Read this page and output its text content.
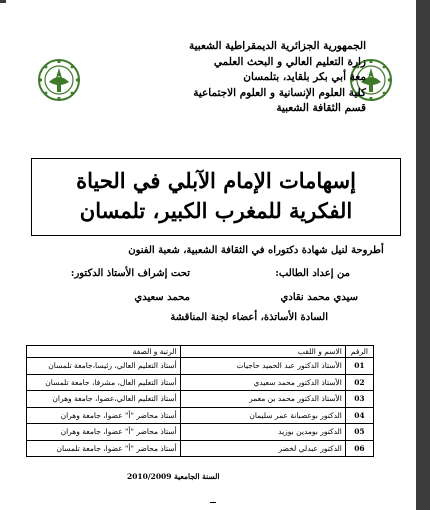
الجمهورية الجزائرية الديمقراطية الشعبية
زارة التعليم العالي و البحث العلمي
معة أبي بكر بلقايد، بتلمسان
كلية العلوم الإنسانية و العلوم الاجتماعية
قسم الثقافة الشعبية
إسهامات الإمام الآبلي في الحياة
الفكرية للمغرب الكبير، تلمسان
أطروحة لنيل شهادة دكتوراه في الثقافة الشعبية، شعبة الفنون
من إعداد الطالب:
تحت إشراف الأستاذ الدكتور:
سيدي محمد نقادي
محمد سعيدي
السادة الأساتذة، أعضاء لجنة المناقشة
الرقم	الاسم و اللقب	الرتبة و الصفة
01	الأستاذ الدكتور عبد الحميد حاجيات	أستاذ التعليم العالي، رئيسا،جامعة تلمسان
02	الأستاذ الدكتور محمد سعيدي	أستاذ التعليم العال، مشرفا، جامعة تلمسان
03	الأستاذ الدكتور محمد بن معمر	أستاذ التعليم العالي،عضوا، جامعة وهران
04	الدكتور بوعصبانة عمر سليمان	أستاذ محاضر "أ" عضوا، جامعة وهران
05	الدكتور بومدين بوزيد	أستاذ محاضر "أ" عضوا، جامعة وهران
06	الدكتور عبدلي لخضر	أستاذ محاضر "أ" عضوا، جامعة تلمسان
السنة الجامعية 2010/2009
